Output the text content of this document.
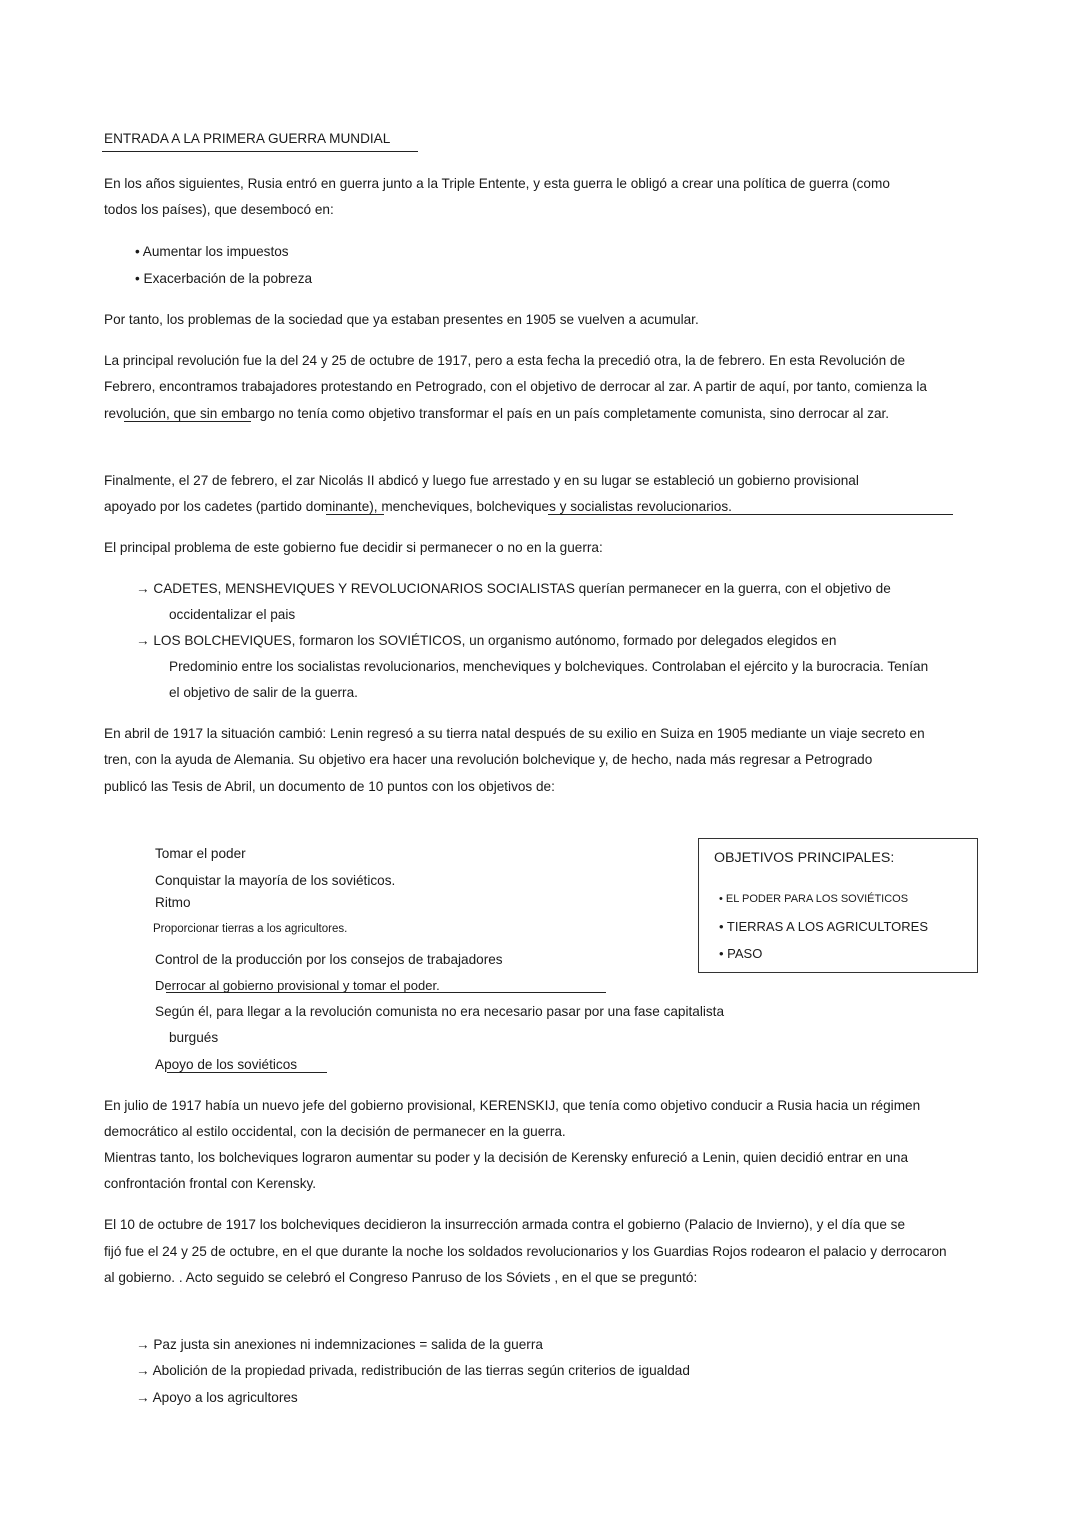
ENTRADA A LA PRIMERA GUERRA MUNDIAL
En los años siguientes, Rusia entró en guerra junto a la Triple Entente, y esta guerra le obligó a crear una política de guerra (como
todos los países), que desembocó en:
• Aumentar los impuestos
• Exacerbación de la pobreza
Por tanto, los problemas de la sociedad que ya estaban presentes en 1905 se vuelven a acumular.
La principal revolución fue la del 24 y 25 de octubre de 1917, pero a esta fecha la precedió otra, la de febrero. En esta Revolución de
Febrero, encontramos trabajadores protestando en Petrogrado, con el objetivo de derrocar al zar. A partir de aquí, por tanto, comienza la
revolución, que sin embargo no tenía como objetivo transformar el país en un país completamente comunista, sino derrocar al zar.
Finalmente, el 27 de febrero, el zar Nicolás II abdicó y luego fue arrestado y en su lugar se estableció un gobierno provisional
apoyado por los cadetes (partido dominante), mencheviques, bolcheviques y socialistas revolucionarios.
El principal problema de este gobierno fue decidir si permanecer o no en la guerra:
→ CADETES, MENSHEVIQUES Y REVOLUCIONARIOS SOCIALISTAS querían permanecer en la guerra, con el objetivo de
occidentalizar el pais
→ LOS BOLCHEVIQUES, formaron los SOVIÉTICOS, un organismo autónomo, formado por delegados elegidos en
Predominio entre los socialistas revolucionarios, mencheviques y bolcheviques. Controlaban el ejército y la burocracia. Tenían
el objetivo de salir de la guerra.
En abril de 1917 la situación cambió: Lenin regresó a su tierra natal después de su exilio en Suiza en 1905 mediante un viaje secreto en
tren, con la ayuda de Alemania. Su objetivo era hacer una revolución bolchevique y, de hecho, nada más regresar a Petrogrado
publicó las Tesis de Abril, un documento de 10 puntos con los objetivos de:
Tomar el poder
Conquistar la mayoría de los soviéticos.
Ritmo
Proporcionar tierras a los agricultores.
Control de la producción por los consejos de trabajadores
Derrocar al gobierno provisional y tomar el poder.
Según él, para llegar a la revolución comunista no era necesario pasar por una fase capitalista
burgués
Apoyo de los soviéticos
OBJETIVOS PRINCIPALES:
• EL PODER PARA LOS SOVIÉTICOS
• TIERRAS A LOS AGRICULTORES
• PASO
En julio de 1917 había un nuevo jefe del gobierno provisional, KERENSKIJ, que tenía como objetivo conducir a Rusia hacia un régimen
democrático al estilo occidental, con la decisión de permanecer en la guerra.
Mientras tanto, los bolcheviques lograron aumentar su poder y la decisión de Kerensky enfureció a Lenin, quien decidió entrar en una
confrontación frontal con Kerensky.
El 10 de octubre de 1917 los bolcheviques decidieron la insurrección armada contra el gobierno (Palacio de Invierno), y el día que se
fijó fue el 24 y 25 de octubre, en el que durante la noche los soldados revolucionarios y los Guardias Rojos rodearon el palacio y derrocaron
al gobierno. . Acto seguido se celebró el Congreso Panruso de los Sóviets , en el que se preguntó:
→ Paz justa sin anexiones ni indemnizaciones = salida de la guerra
→ Abolición de la propiedad privada, redistribución de las tierras según criterios de igualdad
→ Apoyo a los agricultores
